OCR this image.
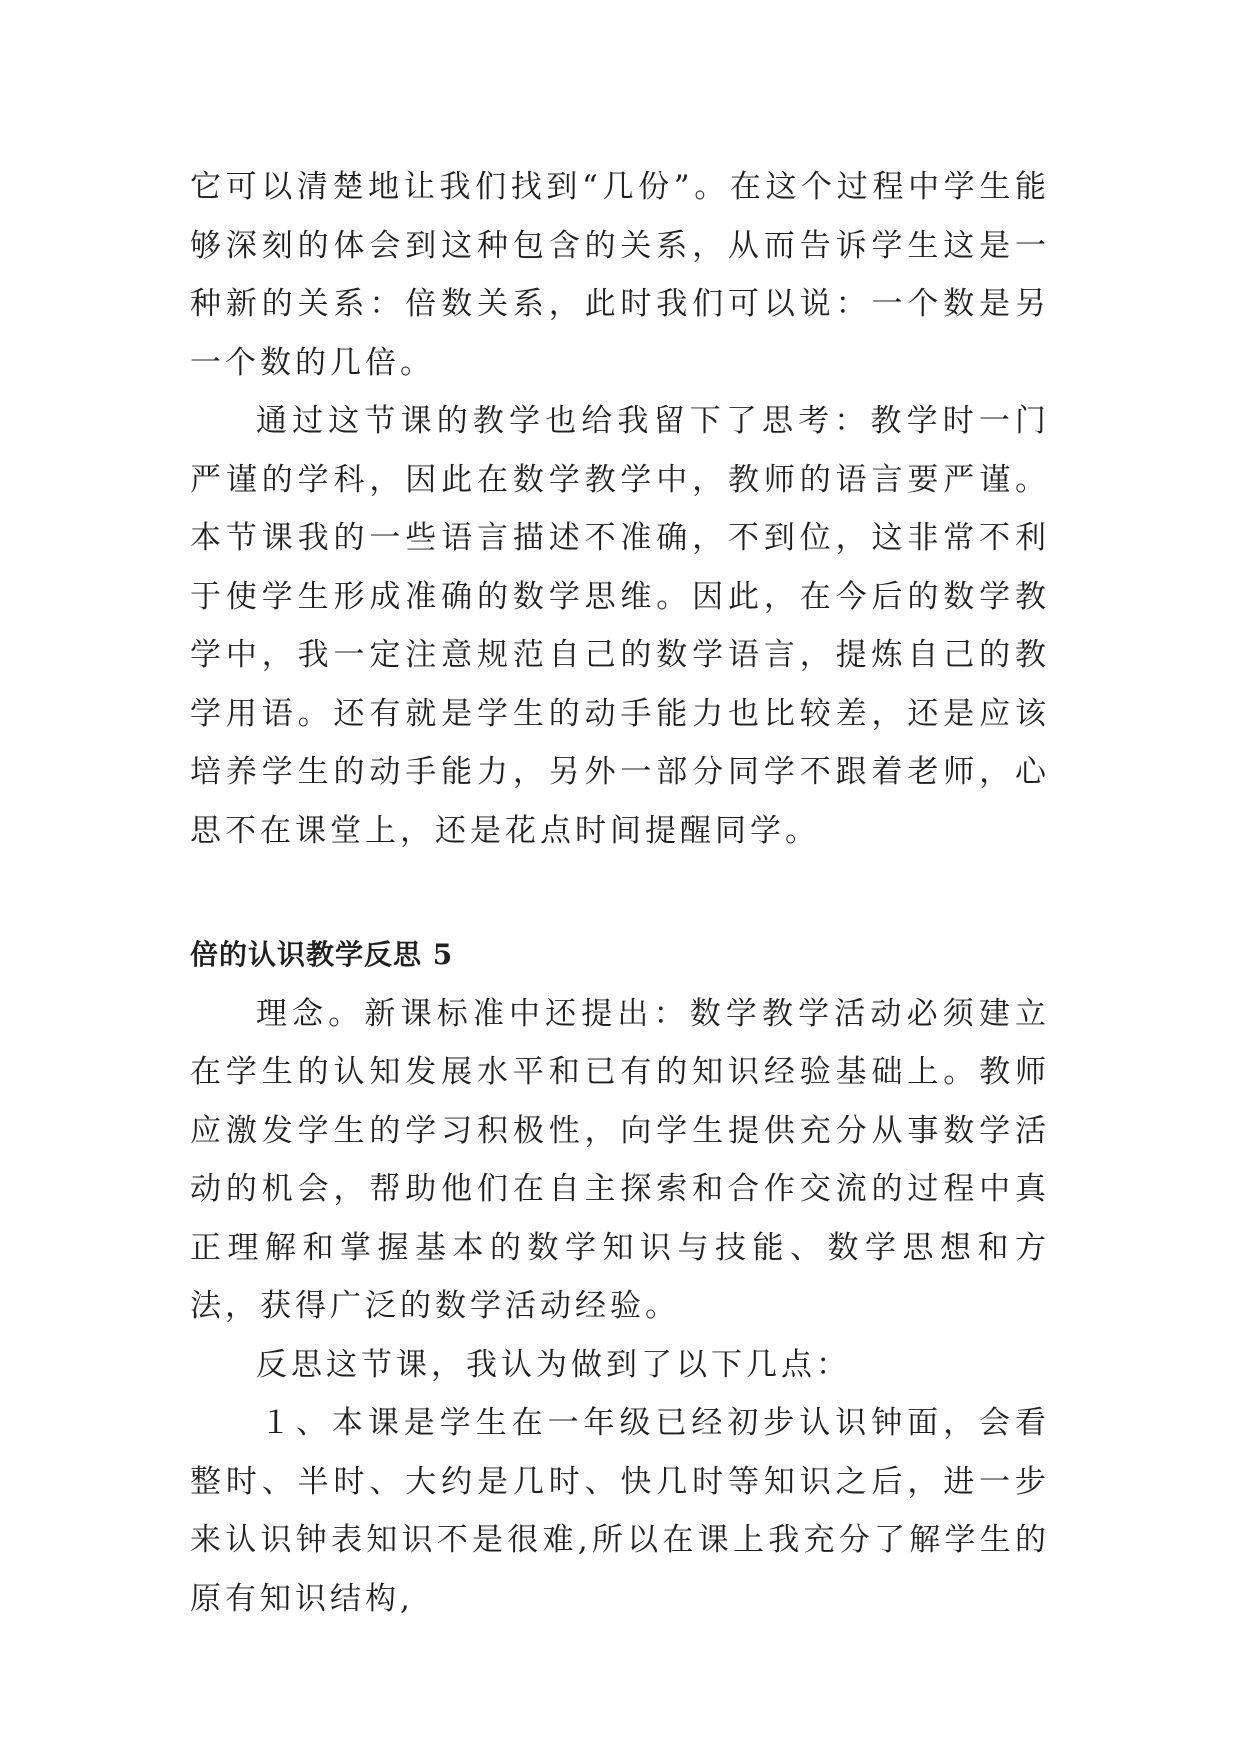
它可以清楚地让我们找到“几份”。在这个过程中学生能够深刻的体会到这种包含的关系，从而告诉学生这是一种新的关系：倍数关系，此时我们可以说：一个数是另一个数的几倍。

通过这节课的教学也给我留下了思考：教学时一门严谨的学科，因此在数学教学中，教师的语言要严谨。本节课我的一些语言描述不准确，不到位，这非常不利于使学生形成准确的数学思维。因此，在今后的数学教学中，我一定注意规范自己的数学语言，提炼自己的教学用语。还有就是学生的动手能力也比较差，还是应该培养学生的动手能力，另外一部分同学不跟着老师，心思不在课堂上，还是花点时间提醒同学。

倍的认识教学反思 5

理念。新课标准中还提出：数学教学活动必须建立在学生的认知发展水平和已有的知识经验基础上。教师应激发学生的学习积极性，向学生提供充分从事数学活动的机会，帮助他们在自主探索和合作交流的过程中真正理解和掌握基本的数学知识与技能、数学思想和方法，获得广泛的数学活动经验。

反思这节课，我认为做到了以下几点：

１、本课是学生在一年级已经初步认识钟面，会看整时、半时、大约是几时、快几时等知识之后，进一步来认识钟表知识不是很难,所以在课上我充分了解学生的原有知识结构,
